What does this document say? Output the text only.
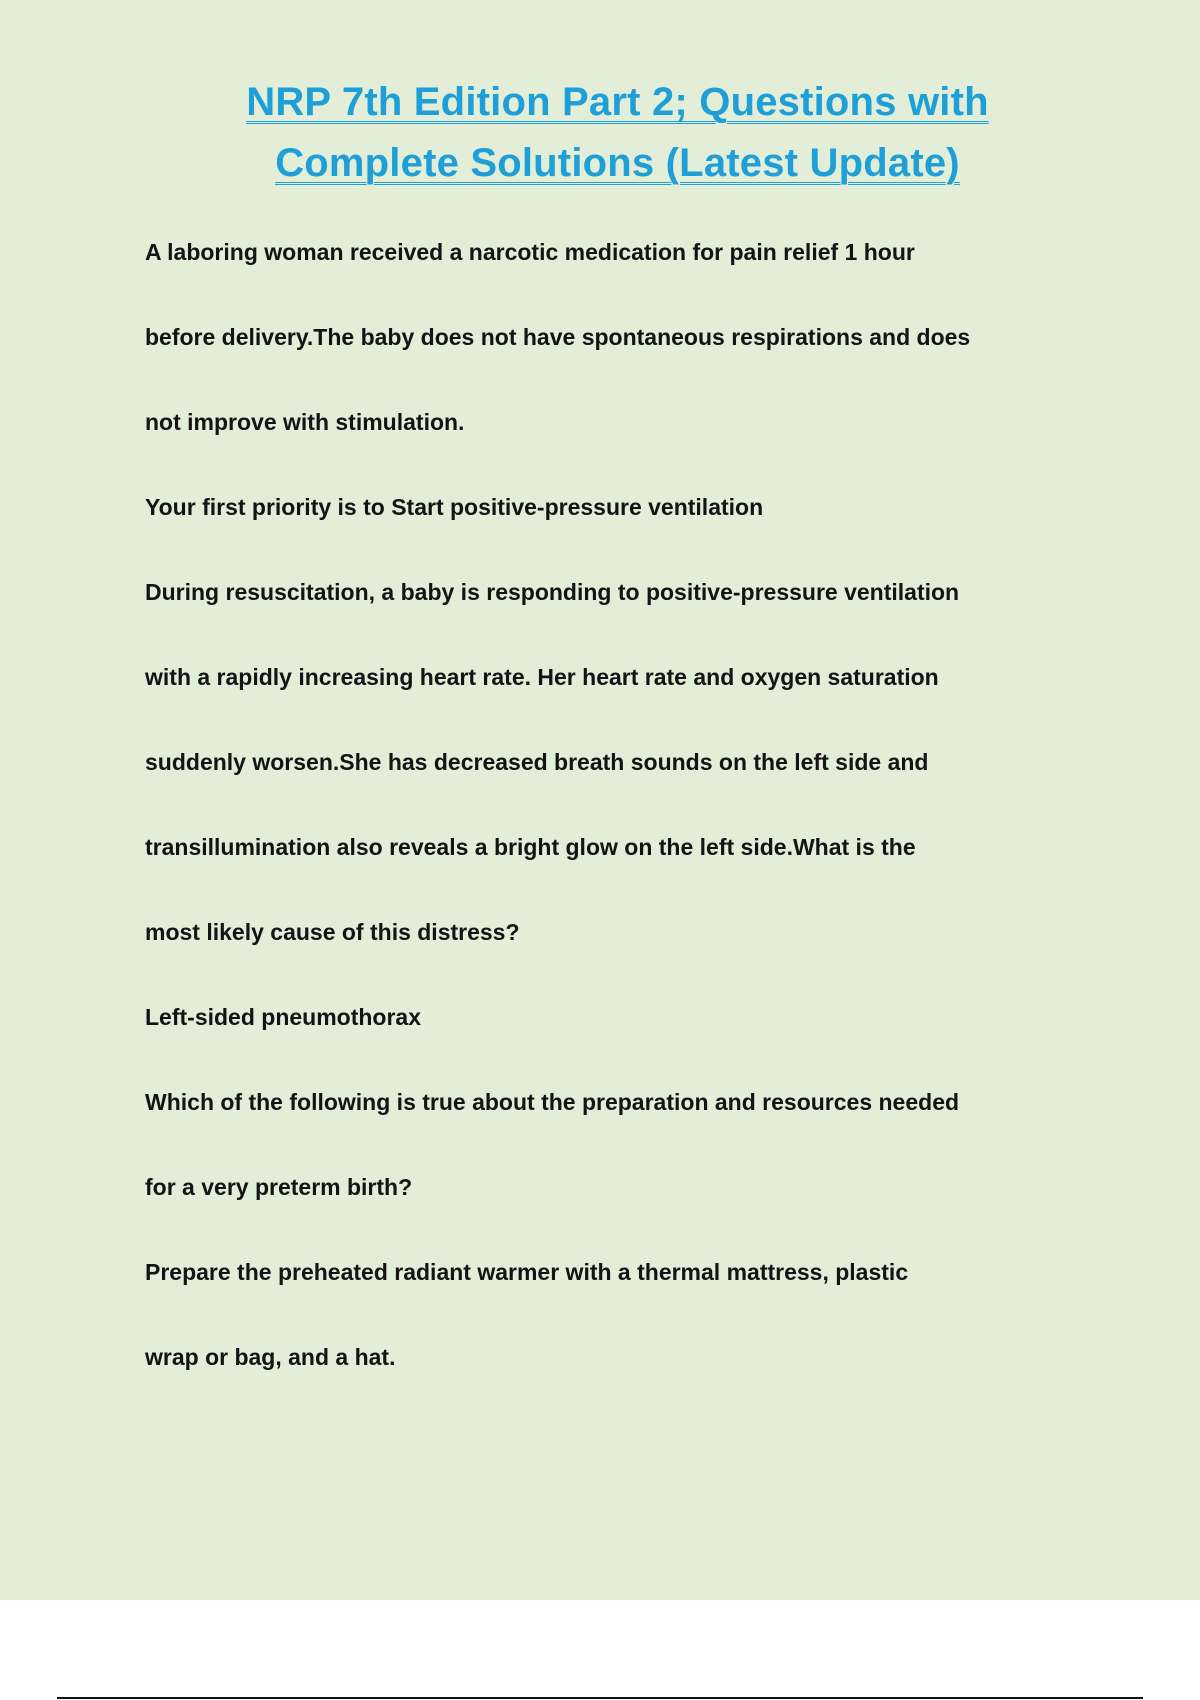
NRP 7th Edition Part 2; Questions with
Complete Solutions (Latest Update)

A laboring woman received a narcotic medication for pain relief 1 hour

before delivery.The baby does not have spontaneous respirations and does

not improve with stimulation.

Your first priority is to Start positive-pressure ventilation

During resuscitation, a baby is responding to positive-pressure ventilation

with a rapidly increasing heart rate. Her heart rate and oxygen saturation

suddenly worsen.She has decreased breath sounds on the left side and

transillumination also reveals a bright glow on the left side.What is the

most likely cause of this distress?

Left-sided pneumothorax

Which of the following is true about the preparation and resources needed

for a very preterm birth?

Prepare the preheated radiant warmer with a thermal mattress, plastic

wrap or bag, and a hat.
